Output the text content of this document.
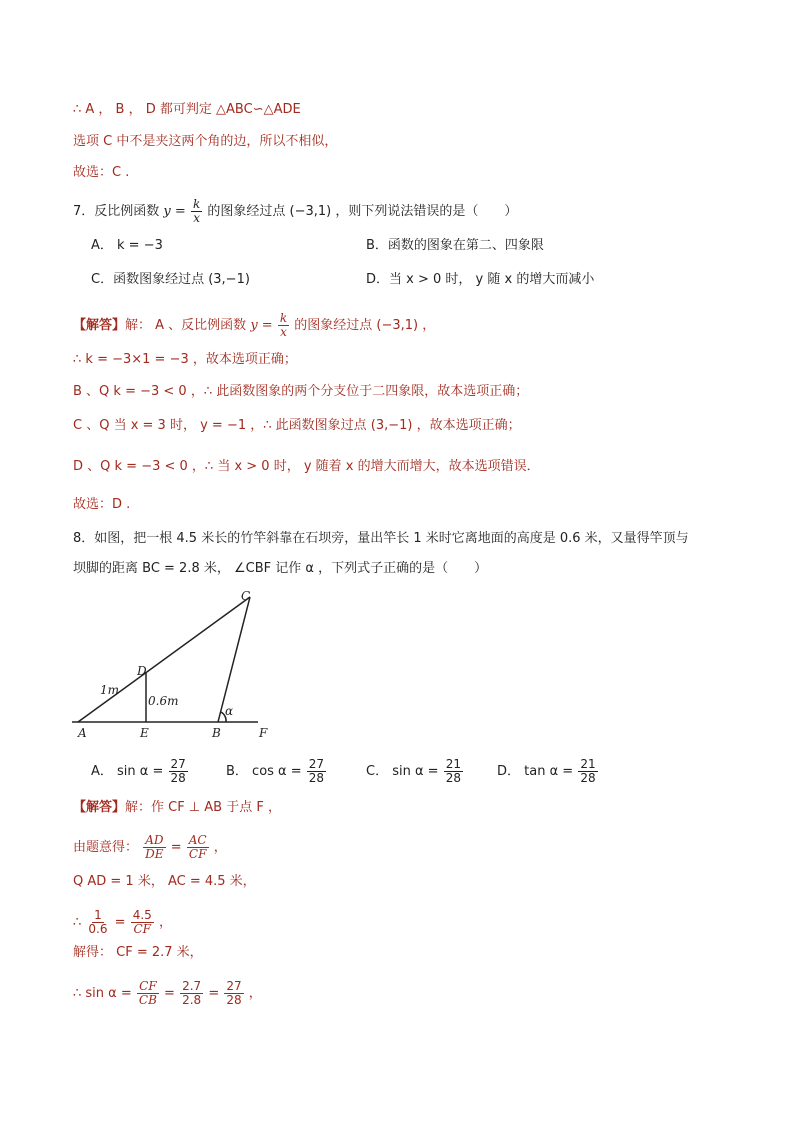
∴ A ， B ， D 都可判定 △ABC∽△ADE
选项 C 中不是夹这两个角的边，所以不相似，
故选：C .
7．反比例函数 $y = \frac{k}{x}$ 的图象经过点 (−3,1) ，则下列说法错误的是（　　）
A． k = −3	B．函数的图象在第二、四象限
C．函数图象经过点 (3,−1)	D．当 x > 0 时， y 随 x 的增大而减小
【解答】解： A 、反比例函数 $y = \frac{k}{x}$ 的图象经过点 (−3,1) ，
∴ k = −3×1 = −3 ，故本选项正确；
B 、Q k = −3 < 0 ，∴ 此函数图象的两个分支位于二四象限，故本选项正确；
C 、Q 当 x = 3 时， y = −1 ，∴ 此函数图象过点 (3,−1) ，故本选项正确；
D 、Q k = −3 < 0 ，∴ 当 x > 0 时， y 随着 x 的增大而增大，故本选项错误．
故选：D .
8．如图，把一根 4.5 米长的竹竿斜靠在石坝旁，量出竿长 1 米时它离地面的高度是 0.6 米，又量得竿顶与
坝脚的距离 BC = 2.8 米， ∠CBF 记作 α ，下列式子正确的是（　　）
C
D
A	E	B	F
1m
0.6m
α
A． $\sin \alpha = \frac{27}{28}$	B． $\cos \alpha = \frac{27}{28}$	C． $\sin \alpha = \frac{21}{28}$	D． $\tan \alpha = \frac{21}{28}$
【解答】解：作 CF ⊥ AB 于点 F ，
由题意得： $\frac{AD}{DE} = \frac{AC}{CF}$ ，
Q AD = 1 米， AC = 4.5 米，
∴ $\frac{1}{0.6} = \frac{4.5}{CF}$ ，
解得： CF = 2.7 米，
∴ $\sin \alpha = \frac{CF}{CB} = \frac{2.7}{2.8} = \frac{27}{28}$ ，
